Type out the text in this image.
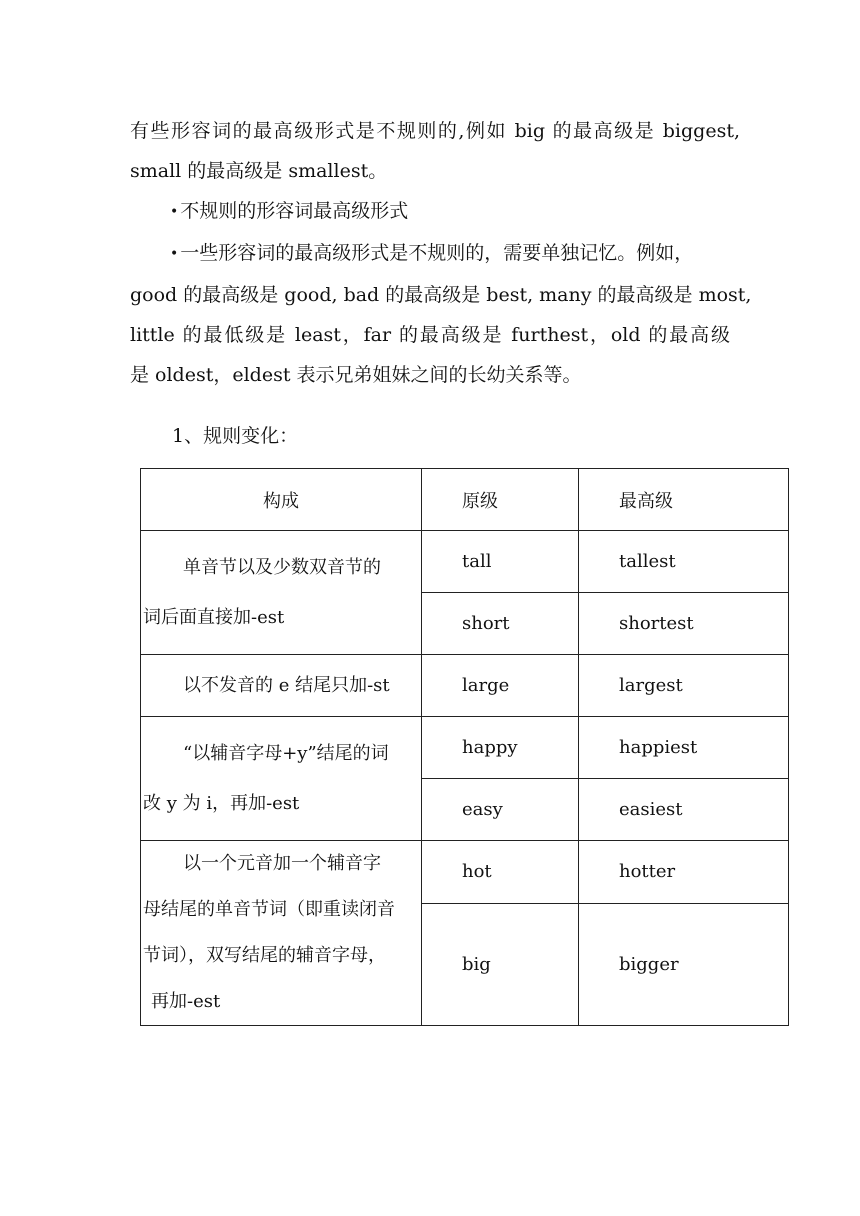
有些形容词的最高级形式是不规则的,例如 big 的最高级是 biggest,
small 的最高级是 smallest。

• 不规则的形容词最高级形式
• 一些形容词的最高级形式是不规则的，需要单独记忆。例如，
good 的最高级是 good, bad 的最高级是 best, many 的最高级是 most,
little 的最低级是 least，far 的最高级是 furthest，old 的最高级
是 oldest，eldest 表示兄弟姐妹之间的长幼关系等。

1、规则变化：

构成	原级	最高级

单音节以及少数双音节的
词后面直接加-est	tall	tallest
	short	shortest

以不发音的 e 结尾只加-st	large	largest

“以辅音字母+y”结尾的词
改 y 为 i，再加-est	happy	happiest
	easy	easiest

以一个元音加一个辅音字
母结尾的单音节词（即重读闭音
节词），双写结尾的辅音字母，
再加-est	hot	hotter
	big	bigger
